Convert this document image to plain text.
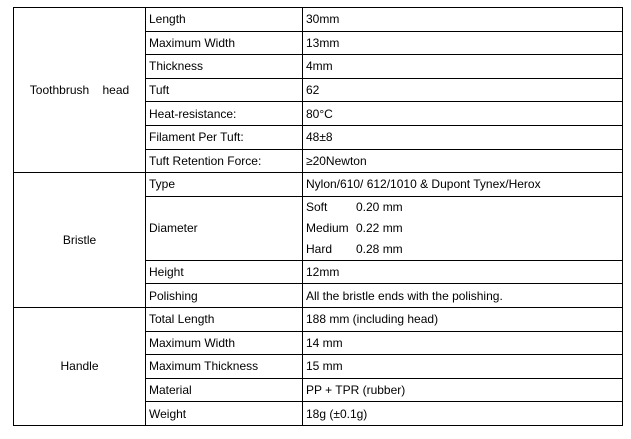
Toothbrush    head	Length	30mm
	Maximum Width	13mm
	Thickness	4mm
	Tuft	62
	Heat-resistance:	80°C
	Filament Per Tuft:	48±8
	Tuft Retention Force:	≥20Newton
Bristle	Type	Nylon/610/ 612/1010 & Dupont Tynex/Herox
	Diameter	Soft 0.20 mm
Medium 0.22 mm
Hard 0.28 mm

	Height	12mm
	Polishing	All the bristle ends with the polishing.
Handle	Total Length	188 mm (including head)
	Maximum Width	14 mm
	Maximum Thickness	15 mm
	Material	PP + TPR (rubber)
	Weight	18g (±0.1g)
